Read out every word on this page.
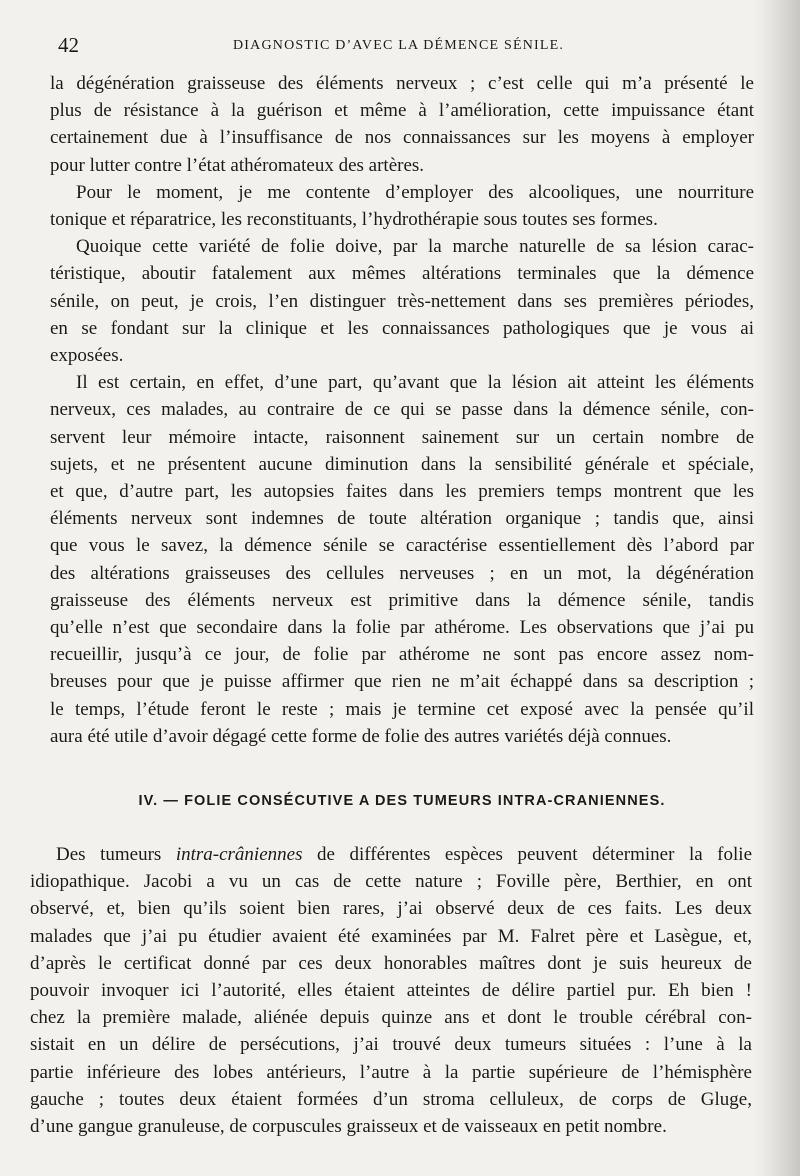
42	DIAGNOSTIC D’AVEC LA DÉMENCE SÉNILE.

la dégénération graisseuse des éléments nerveux ; c’est celle qui m’a présenté le
plus de résistance à la guérison et même à l’amélioration, cette impuissance étant
certainement due à l’insuffisance de nos connaissances sur les moyens à employer
pour lutter contre l’état athéromateux des artères.

Pour le moment, je me contente d’employer des alcooliques, une nourriture
tonique et réparatrice, les reconstituants, l’hydrothérapie sous toutes ses formes.

Quoique cette variété de folie doive, par la marche naturelle de sa lésion carac-
téristique, aboutir fatalement aux mêmes altérations terminales que la démence
sénile, on peut, je crois, l’en distinguer très-nettement dans ses premières périodes,
en se fondant sur la clinique et les connaissances pathologiques que je vous ai
exposées.

Il est certain, en effet, d’une part, qu’avant que la lésion ait atteint les éléments
nerveux, ces malades, au contraire de ce qui se passe dans la démence sénile, con-
servent leur mémoire intacte, raisonnent sainement sur un certain nombre de
sujets, et ne présentent aucune diminution dans la sensibilité générale et spéciale,
et que, d’autre part, les autopsies faites dans les premiers temps montrent que les
éléments nerveux sont indemnes de toute altération organique ; tandis que, ainsi
que vous le savez, la démence sénile se caractérise essentiellement dès l’abord par
des altérations graisseuses des cellules nerveuses ; en un mot, la dégénération
graisseuse des éléments nerveux est primitive dans la démence sénile, tandis
qu’elle n’est que secondaire dans la folie par athérome. Les observations que j’ai pu
recueillir, jusqu’à ce jour, de folie par athérome ne sont pas encore assez nom-
breuses pour que je puisse affirmer que rien ne m’ait échappé dans sa description ;
le temps, l’étude feront le reste ; mais je termine cet exposé avec la pensée qu’il
aura été utile d’avoir dégagé cette forme de folie des autres variétés déjà connues.

IV. — FOLIE CONSÉCUTIVE A DES TUMEURS INTRA-CRANIENNES.

Des tumeurs intra-crâniennes de différentes espèces peuvent déterminer la folie
idiopathique. Jacobi a vu un cas de cette nature ; Foville père, Berthier, en ont
observé, et, bien qu’ils soient bien rares, j’ai observé deux de ces faits. Les deux
malades que j’ai pu étudier avaient été examinées par M. Falret père et Lasègue, et,
d’après le certificat donné par ces deux honorables maîtres dont je suis heureux de
pouvoir invoquer ici l’autorité, elles étaient atteintes de délire partiel pur. Eh bien !
chez la première malade, aliénée depuis quinze ans et dont le trouble cérébral con-
sistait en un délire de persécutions, j’ai trouvé deux tumeurs situées : l’une à la
partie inférieure des lobes antérieurs, l’autre à la partie supérieure de l’hémisphère
gauche ; toutes deux étaient formées d’un stroma celluleux, de corps de Gluge,
d’une gangue granuleuse, de corpuscules graisseux et de vaisseaux en petit nombre.
